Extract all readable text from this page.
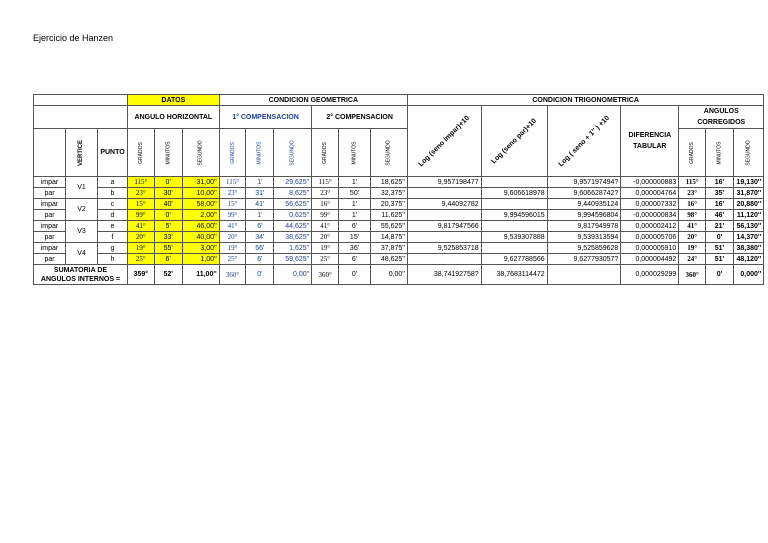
Ejercicio de Hanzen
			DATOS			CONDICION GEOMETRICA						CONDICION TRIGONOMETRICA						
			ANGULO HORIZONTAL			1° COMPENSACION			2° COMPENSACION			Log (seno impar)+10	Log (seno par)+10	Log ( seno + 1'' ) +10	DIFERENCIA TABULAR	ANGULOS CORREGIDOS		
	VERTICE	PUNTO	GRADOS	MINUTOS	SEGUNDO	GRADOS	MINUTOS	SEGUNDO	GRADOS	MINUTOS	SEGUNDO					GRADOS	MINUTOS	SEGUNDO
impar	V1	a	115°	0'	31,00''	115°	1'	29,625''	115°	1'	18,625''	9,957198477		9,957197494?	-0,000000883	115°	16'	19,130''
par		b	23°	30'	10,00''	23°	31'	8,625''	23°	50'	32,375''		9,606618978	9,606628742?	0,000004764	23°	35'	31,870''
impar	V2	c	15°	40'	58,00''	15°	41'	56,625''	16°	1'	20,375''	9,44092782		9,440935124	0,000007332	16°	16'	20,880''
par		d	99°	0'	2,00''	99°	1'	0,625''	99°	1'	11,625''		9,994596015	9,994596804	-0,000000834	98°	46'	11,120''
impar	V3	e	41°	5'	46,00''	41°	6'	44,625''	41°	6'	55,625''	9,817947566		9,817949978	0,000002412	41°	21'	56,130''
par		f	20°	33'	40,00''	20°	34'	38,625''	20°	15'	14,875''		9,539307888	9,539313594	0,000005706	20°	0'	14,370''
impar	V4	g	19°	55'	3,00''	19°	56'	1,625''	19°	36'	37,875''	9,525853718		9,525859628	0,000005910	19°	51'	38,380''
par		h	25°	6'	1,00''	25°	6'	59,625''	25°	6'	48,625''		9,627788566	9,627793057?	0,000004492	24°	51'	48,120''
SUMATORIA DE ANGULOS INTERNOS =			359°	52'	11,00''	360°	0'	0,00''	360°	0'	0,00''	38,74192758?	38,7683114472		0,000029299	360°	0'	0,000''
